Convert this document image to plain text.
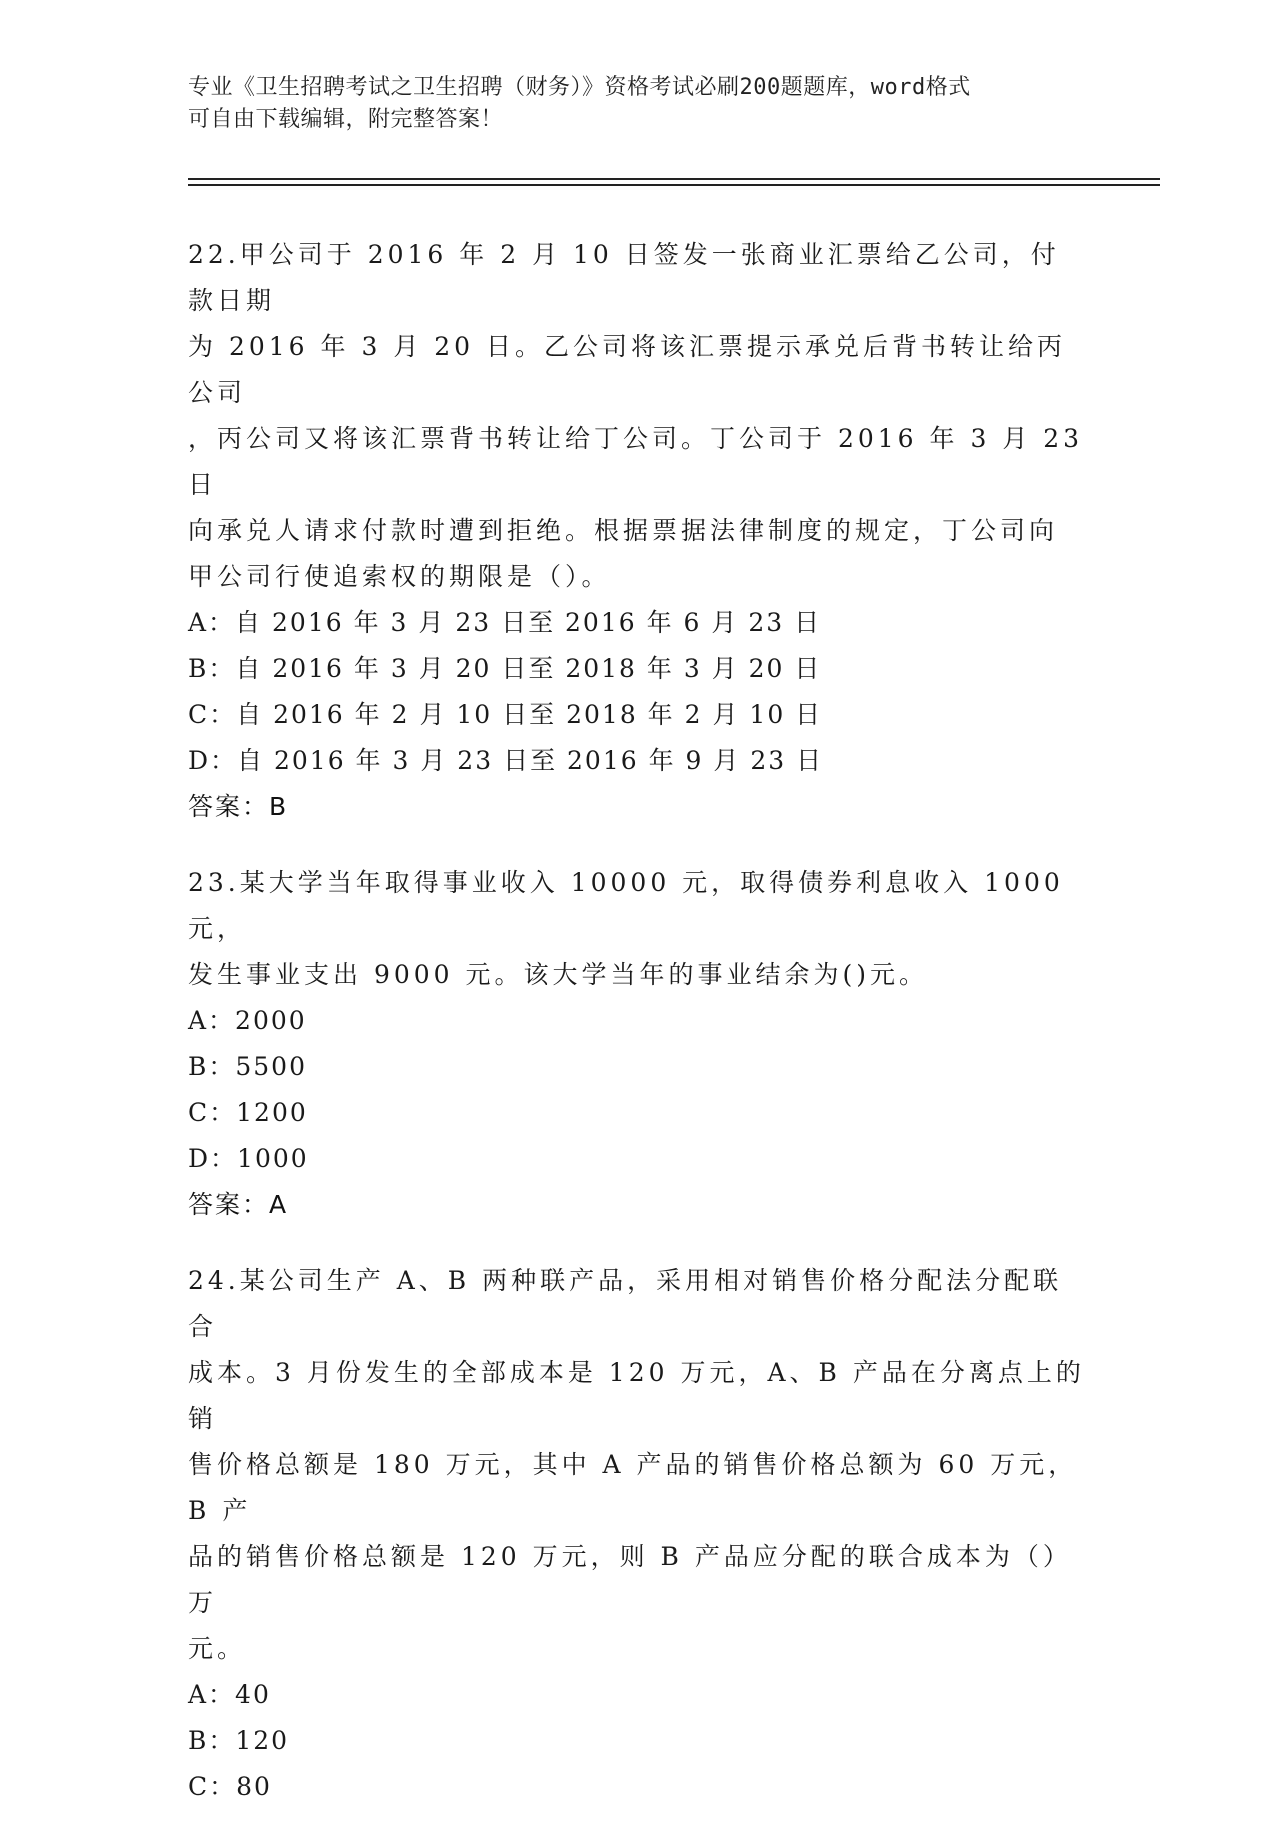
专业《卫生招聘考试之卫生招聘（财务）》资格考试必刷200题题库，word格式
可自由下载编辑，附完整答案！

22.甲公司于 2016 年 2 月 10 日签发一张商业汇票给乙公司，付款日期

为 2016 年 3 月 20 日。乙公司将该汇票提示承兑后背书转让给丙公司

，丙公司又将该汇票背书转让给丁公司。丁公司于 2016 年 3 月 23 日

向承兑人请求付款时遭到拒绝。根据票据法律制度的规定，丁公司向

甲公司行使追索权的期限是（）。

A：自 2016 年 3 月 23 日至 2016 年 6 月 23 日

B：自 2016 年 3 月 20 日至 2018 年 3 月 20 日

C：自 2016 年 2 月 10 日至 2018 年 2 月 10 日

D：自 2016 年 3 月 23 日至 2016 年 9 月 23 日

答案：B

23.某大学当年取得事业收入 10000 元，取得债券利息收入 1000 元，

发生事业支出 9000 元。该大学当年的事业结余为()元。

A：2000

B：5500

C：1200

D：1000

答案：A

24.某公司生产 A、B 两种联产品，采用相对销售价格分配法分配联合

成本。3 月份发生的全部成本是 120 万元，A、B 产品在分离点上的销

售价格总额是 180 万元，其中 A 产品的销售价格总额为 60 万元，B 产

品的销售价格总额是 120 万元，则 B 产品应分配的联合成本为（）万

元。

A：40

B：120

C：80
